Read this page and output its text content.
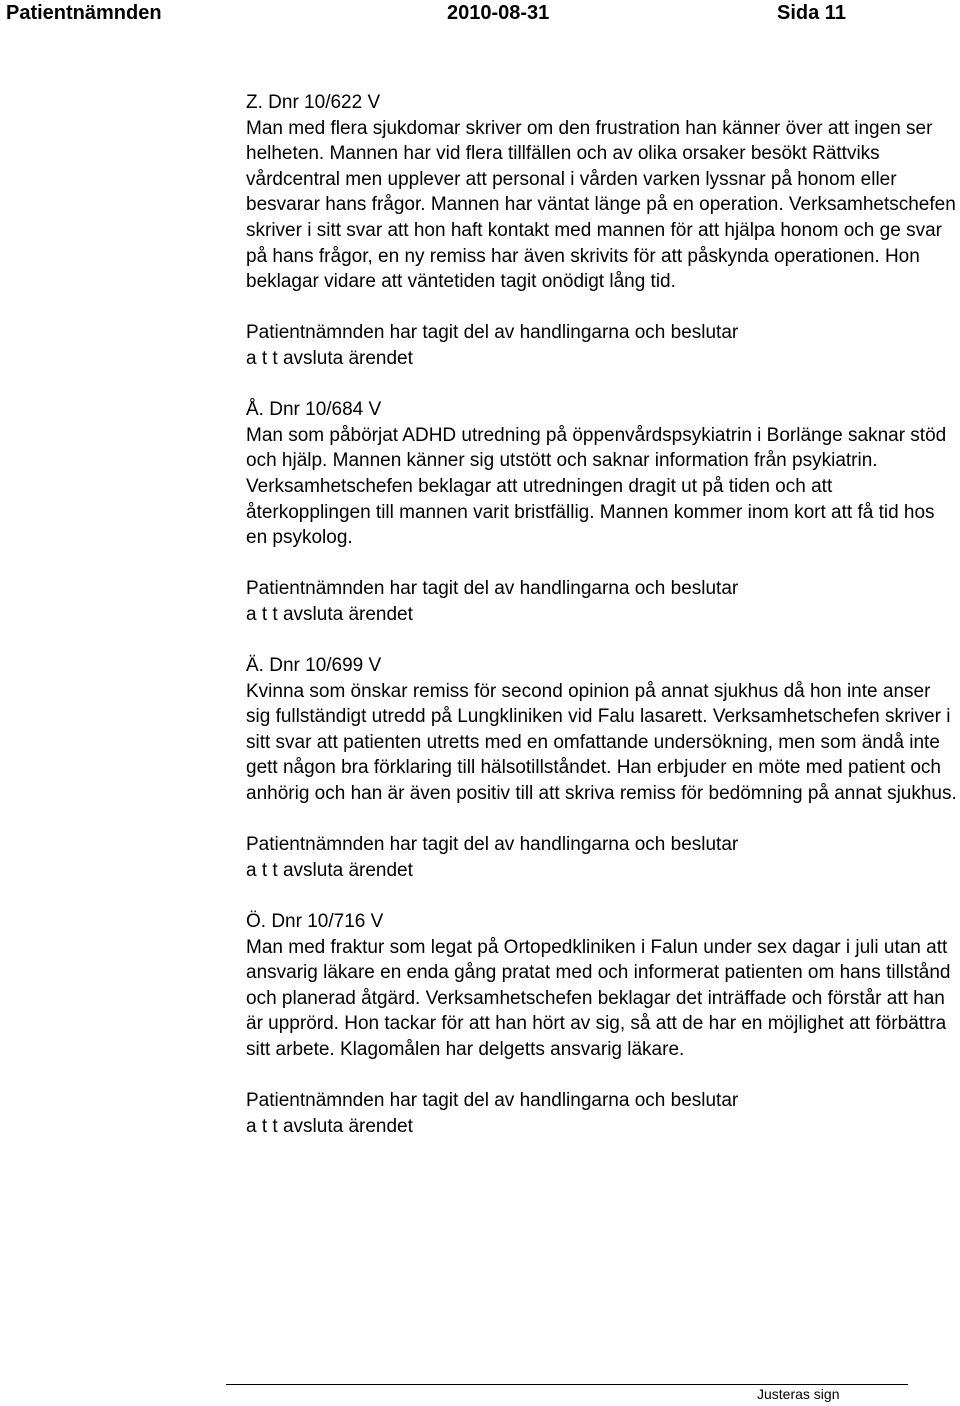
Patientnämnden	2010-08-31	Sida 11

Z. Dnr 10/622 V

Man med flera sjukdomar skriver om den frustration han känner över att ingen ser helheten. Mannen har vid flera tillfällen och av olika orsaker besökt Rättviks vårdcentral men upplever att personal i vården varken lyssnar på honom eller besvarar hans frågor. Mannen har väntat länge på en operation. Verksamhetschefen skriver i sitt svar att hon haft kontakt med mannen för att hjälpa honom och ge svar på hans frågor, en ny remiss har även skrivits för att påskynda operationen. Hon beklagar vidare att väntetiden tagit onödigt lång tid.

Patientnämnden har tagit del av handlingarna och beslutar
a t t avsluta ärendet

Å. Dnr 10/684 V

Man som påbörjat ADHD utredning på öppenvårdspsykiatrin i Borlänge saknar stöd och hjälp. Mannen känner sig utstött och saknar information från psykiatrin. Verksamhetschefen beklagar att utredningen dragit ut på tiden och att återkopplingen till mannen varit bristfällig. Mannen kommer inom kort att få tid hos en psykolog.

Patientnämnden har tagit del av handlingarna och beslutar
a t t avsluta ärendet

Ä. Dnr 10/699 V

Kvinna som önskar remiss för second opinion på annat sjukhus då hon inte anser sig fullständigt utredd på Lungkliniken vid Falu lasarett. Verksamhetschefen skriver i sitt svar att patienten utretts med en omfattande undersökning, men som ändå inte gett någon bra förklaring till hälsotillståndet. Han erbjuder en möte med patient och anhörig och han är även positiv till att skriva remiss för bedömning på annat sjukhus.

Patientnämnden har tagit del av handlingarna och beslutar
a t t avsluta ärendet

Ö. Dnr 10/716 V

Man med fraktur som legat på Ortopedkliniken i Falun under sex dagar i juli utan att ansvarig läkare en enda gång pratat med och informerat patienten om hans tillstånd och planerad åtgärd. Verksamhetschefen beklagar det inträffade och förstår att han är upprörd. Hon tackar för att han hört av sig, så att de har en möjlighet att förbättra sitt arbete. Klagomålen har delgetts ansvarig läkare.

Patientnämnden har tagit del av handlingarna och beslutar
a t t avsluta ärendet

Justeras sign
